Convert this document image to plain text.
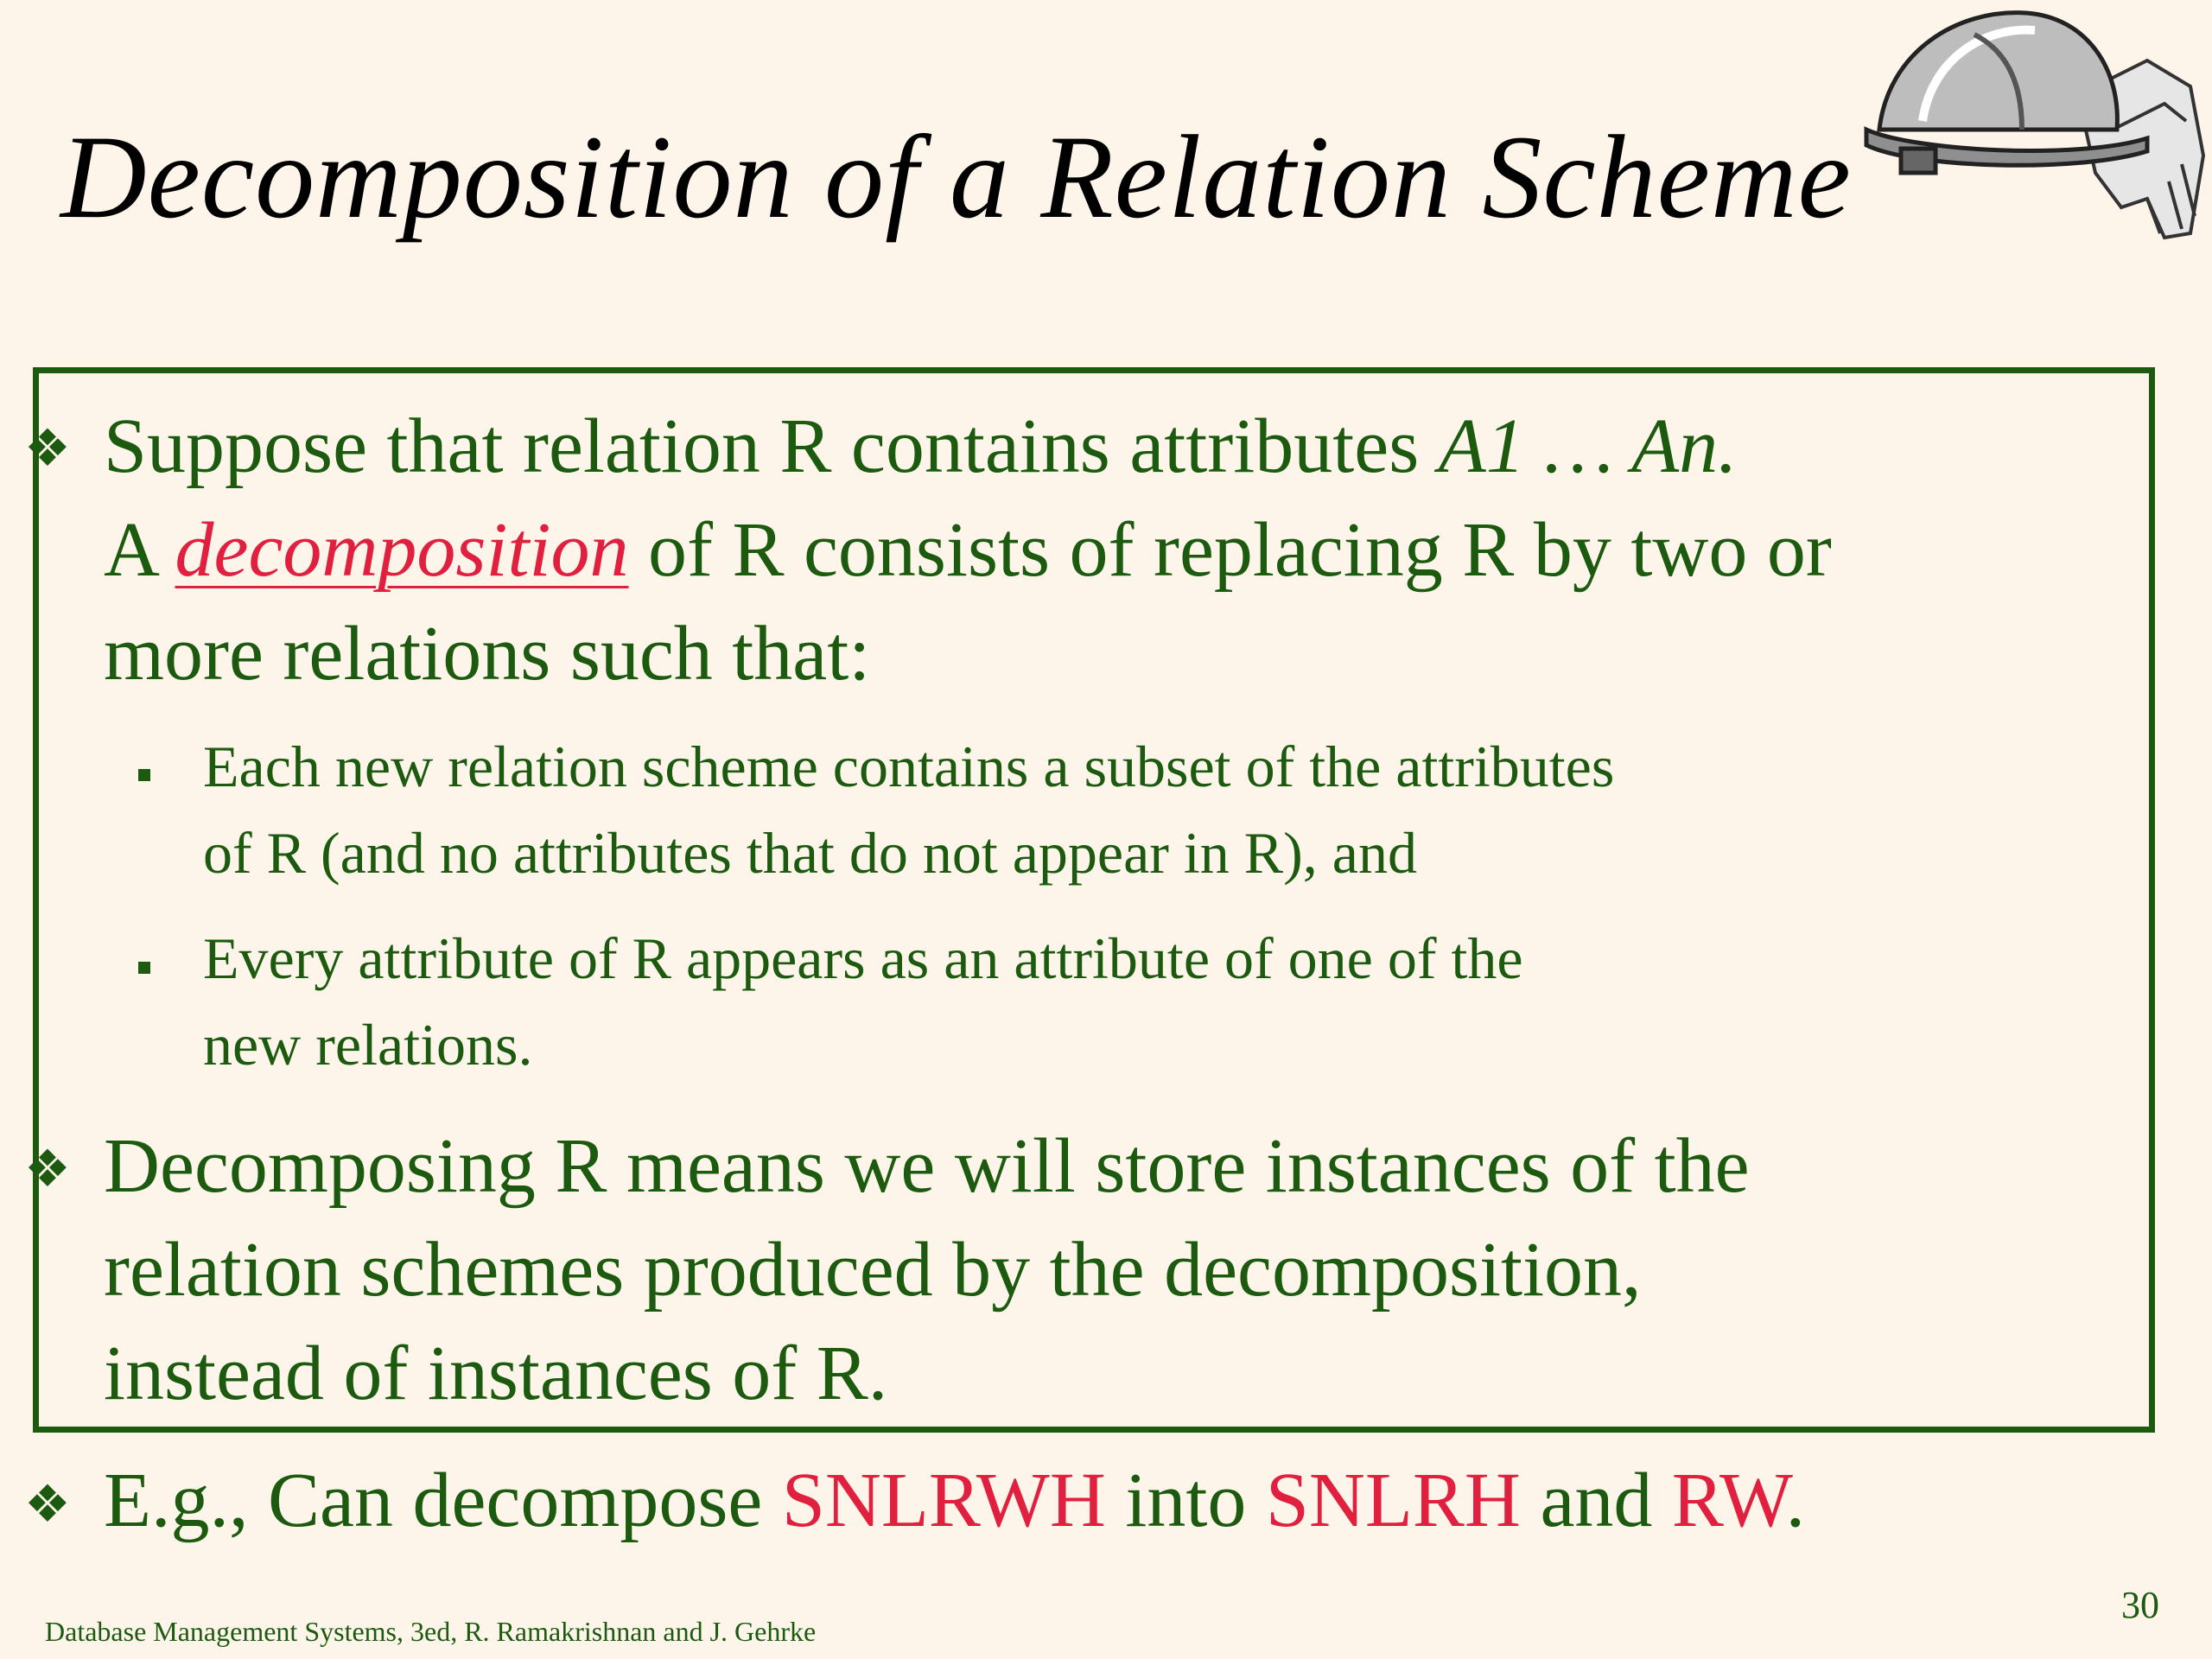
Decomposition of a Relation Scheme
❖ Suppose that relation R contains attributes A1 … An.
A decomposition of R consists of replacing R by two or
more relations such that:
Each new relation scheme contains a subset of the attributes
of R (and no attributes that do not appear in R), and
Every attribute of R appears as an attribute of one of the
new relations.
❖ Decomposing R means we will store instances of the
relation schemes produced by the decomposition,
instead of instances of R.
❖ E.g., Can decompose SNLRWH into SNLRH and RW.
Database Management Systems, 3ed, R. Ramakrishnan and J. Gehrke
30
